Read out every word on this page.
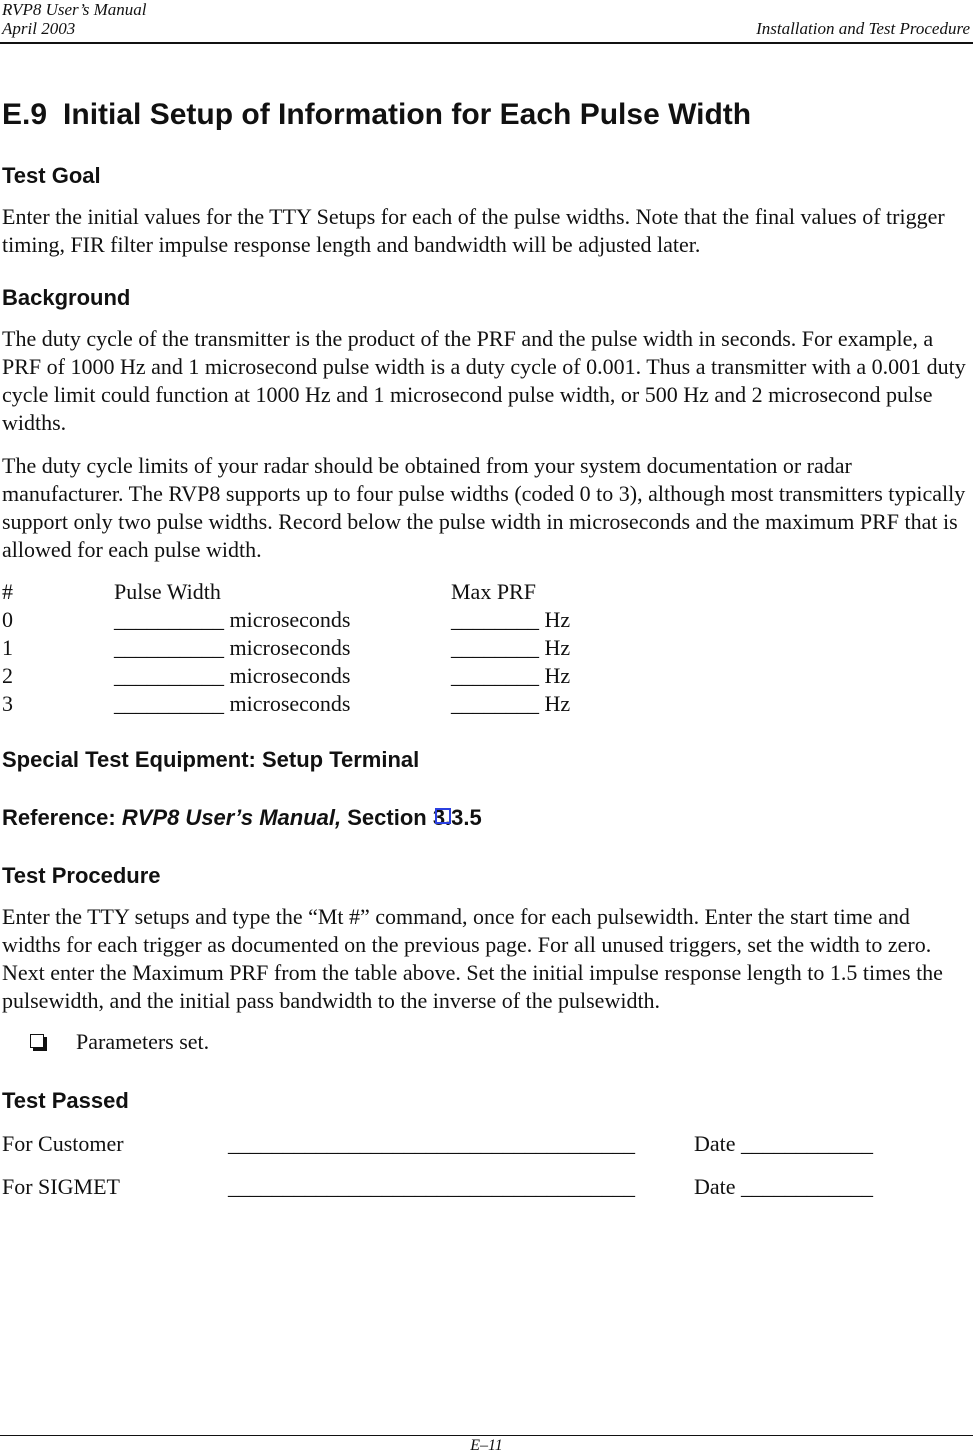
RVP8 User’s Manual
April 2003	Installation and Test Procedure
E.9 Initial Setup of Information for Each Pulse Width
Test Goal

Enter the initial values for the TTY Setups for each of the pulse widths. Note that the final values of trigger timing, FIR filter impulse response length and bandwidth will be adjusted later.

Background

The duty cycle of the transmitter is the product of the PRF and the pulse width in seconds. For example, a PRF of 1000 Hz and 1 microsecond pulse width is a duty cycle of 0.001. Thus a transmitter with a 0.001 duty cycle limit could function at 1000 Hz and 1 microsecond pulse width, or 500 Hz and 2 microsecond pulse widths.

The duty cycle limits of your radar should be obtained from your system documentation or radar manufacturer. The RVP8 supports up to four pulse widths (coded 0 to 3), although most transmitters typically support only two pulse widths. Record below the pulse width in microseconds and the maximum PRF that is allowed for each pulse width.

#	Pulse Width	Max PRF
0	__________ microseconds	________ Hz
1	__________ microseconds	________ Hz
2	__________ microseconds	________ Hz
3	__________ microseconds	________ Hz
Special Test Equipment: Setup Terminal
Reference: RVP8 User’s Manual, Section 3.3.5
Test Procedure

Enter the TTY setups and type the “Mt #” command, once for each pulsewidth. Enter the start time and widths for each trigger as documented on the previous page. For all unused triggers, set the width to zero. Next enter the Maximum PRF from the table above. Set the initial impulse response length to 1.5 times the pulsewidth, and the initial pass bandwidth to the inverse of the pulsewidth.

Parameters set.
Test Passed
For Customer	_____________________________________	Date ____________
For SIGMET	_____________________________________	Date ____________
E–11
